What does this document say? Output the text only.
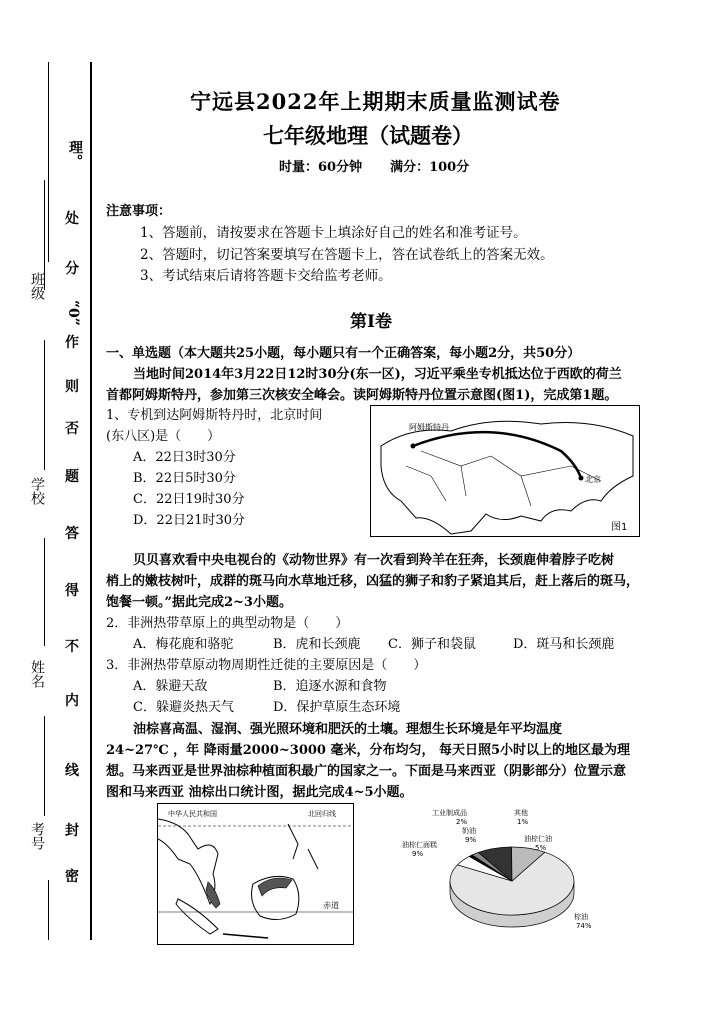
班级
学校
姓名
考号
密
封
线
内
不
得
答
题
否
则
作
“0”
分
处
理。
宁远县2022年上期期末质量监测试卷
七年级地理（试题卷）
时量：60分钟 满分：100分
注意事项：
1、答题前，请按要求在答题卡上填涂好自己的姓名和准考证号。
2、答题时，切记答案要填写在答题卡上，答在试卷纸上的答案无效。
3、考试结束后请将答题卡交给监考老师。
第Ⅰ卷
一、单选题（本大题共25小题，每小题只有一个正确答案，每小题2分，共50分）
当地时间2014年3月22日12时30分(东一区)，习近平乘坐专机抵达位于西欧的荷兰
首都阿姆斯特丹，参加第三次核安全峰会。读阿姆斯特丹位置示意图(图1)，完成第1题。
1、专机到达阿姆斯特丹时，北京时间
(东八区)是（　　）
A．22日3时30分
B．22日5时30分
C．22日19时30分
D．22日21时30分
阿姆斯特丹
北京
图1
贝贝喜欢看中央电视台的《动物世界》有一次看到羚羊在狂奔，长颈鹿伸着脖子吃树
梢上的嫩枝树叶，成群的斑马向水草地迁移，凶猛的狮子和豹子紧追其后，赶上落后的斑马，
饱餐一顿。”据此完成2~3小题。
2．非洲热带草原上的典型动物是（　　）
A．梅花鹿和骆驼	B．虎和长颈鹿 C．狮子和袋鼠	D．斑马和长颈鹿
3．非洲热带草原动物周期性迁徙的主要原因是（　　）
A．躲避天敌	B．追逐水源和食物
C．躲避炎热天气	D．保护草原生态环境
油棕喜高温、湿润、强光照环境和肥沃的土壤。理想生长环境是年平均温度
24~27℃ ，年 降雨量2000~3000 毫米，分布均匀， 每天日照5小时以上的地区最为理
想。马来西亚是世界油棕种植面积最广的国家之一。下面是马来西亚（阴影部分）位置示意
图和马来西亚 油棕出口统计图，据此完成4~5小题。
中华人民共和国	北回归线
赤道
工业制成品
2%
其他
1%
奶油
9%	油棕仁油
5%
油棕仁面糕
9%
棕油
74%
